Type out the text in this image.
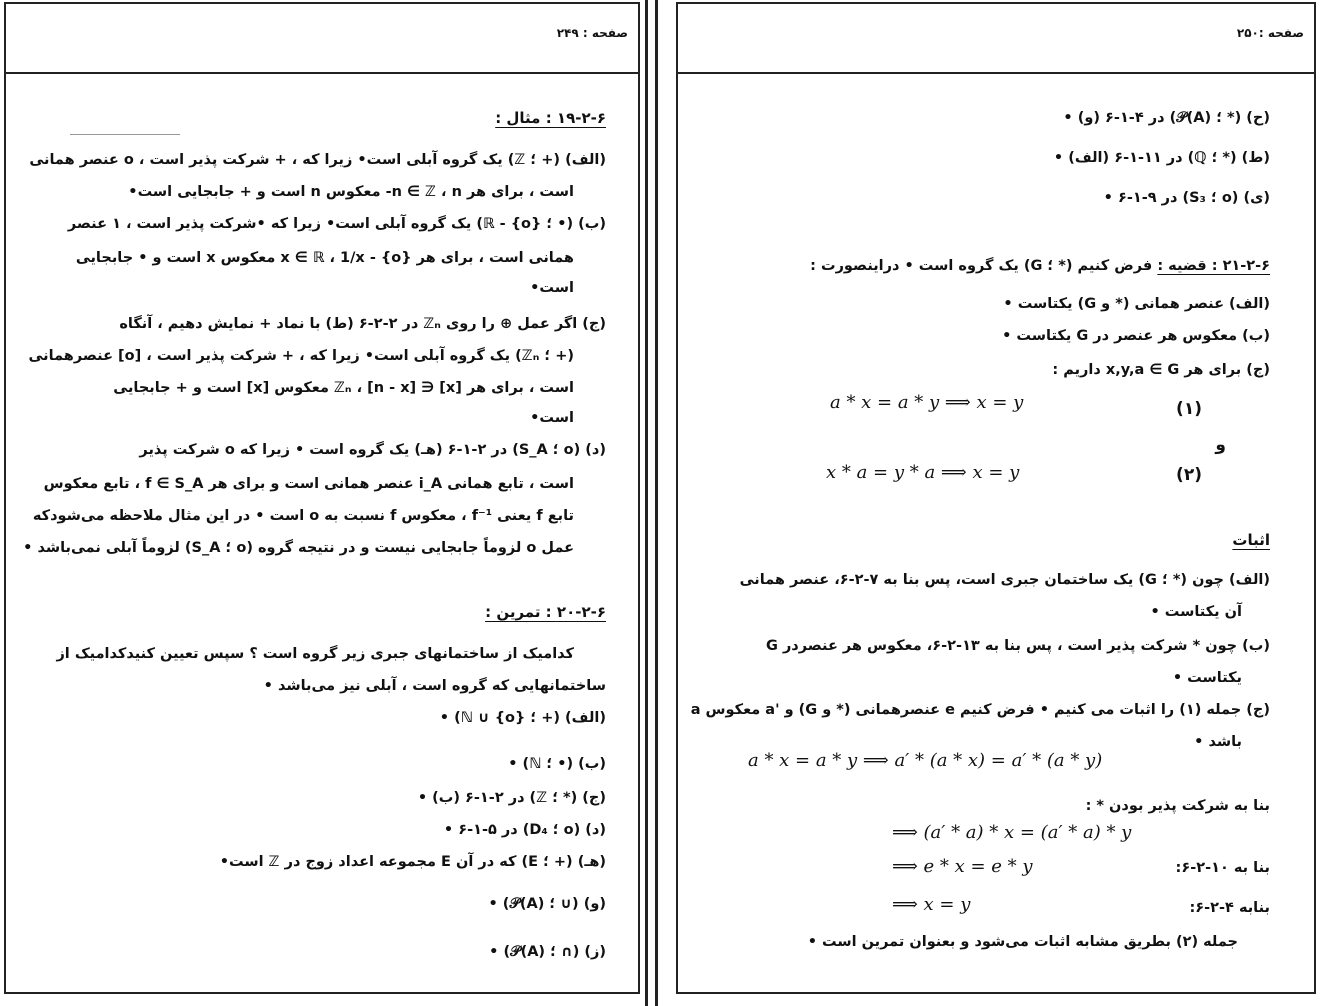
صفحه : ۲۴۹
۱۹-۲-۶ : مثال :
(الف) (+ ؛ ℤ) یک گروه آبلی است• زیرا که ، + شرکت پذیر است ، o عنصر همانی
است ، برای هر n ∈ ℤ ، n- معکوس n است و + جابجایی است•
(ب) (• ؛ {o} - ℝ) یک گروه آبلی است• زیرا که •شرکت پذیر است ، ۱ عنصر
همانی است ، برای هر {o} - x ∈ ℝ ، 1/x معکوس x است و • جابجایی
است•
(ج) اگر عمل ⊕ را روی ℤₙ در ۲-۲-۶ (ط) با نماد + نمایش دهیم ، آنگاه
(+ ؛ ℤₙ) یک گروه آبلی است• زیرا که ، + شرکت پذیر است ، [o] عنصرهمانی
است ، برای هر [x] ∈ ℤₙ ، [n - x] معکوس [x] است و + جابجایی
است•
(د) (o ؛ S_A) در ۲-۱-۶ (هـ) یک گروه است • زیرا که o شرکت پذیر
است ، تابع همانی i_A عنصر همانی است و برای هر f ∈ S_A ، تابع معکوس
تابع f یعنی f⁻¹ ، معکوس f نسبت به o است • در این مثال ملاحظه می‌شودکه
عمل o لزوماً جابجایی نیست و در نتیجه گروه (o ؛ S_A) لزوماً آبلی نمی‌باشد •
۲۰-۲-۶ : تمرین :
کدامیک از ساختمانهای جبری زیر گروه است ؟ سپس تعیین کنیدکدامیک از
ساختمانهایی که گروه است ، آبلی نیز می‌باشد •
(الف) (+ ؛ {o} ∪ ℕ) •
(ب) (• ؛ ℕ) •
(ج) (* ؛ ℤ) در ۲-۱-۶ (ب) •
(د) (o ؛ D₄) در ۵-۱-۶ •
(هـ) (+ ؛ E) که در آن E مجموعه اعداد زوج در ℤ است•
(و) (∪ ؛ 𝒫(A)) •
(ز) (∩ ؛ 𝒫(A)) •
صفحه :۲۵۰
(ح) (* ؛ 𝒫(A)) در ۴-۱-۶ (و) •
(ط) (* ؛ ℚ) در ۱۱-۱-۶ (الف) •
(ی) (o ؛ S₃) در ۹-۱-۶ •
۲۱-۲-۶ : قضیه : فرض کنیم (* ؛ G) یک گروه است • دراینصورت :
(الف) عنصر همانی (* و G) یکتاست •
(ب) معکوس هر عنصر در G یکتاست •
(ج) برای هر x,y,a ∈ G داریم :
a * x = a * y ⟹ x = y	(۱)
و
x * a = y * a ⟹ x = y	(۲)
اثبات
(الف) چون (* ؛ G) یک ساختمان جبری است، پس بنا به ۷-۲-۶، عنصر همانی
آن یکتاست •
(ب) چون * شرکت پذیر است ، پس بنا به ۱۳-۲-۶، معکوس هر عنصردر G
یکتاست •
(ج) جمله (۱) را اثبات می کنیم • فرض کنیم e عنصرهمانی (* و G) و 'a معکوس a
باشد •
a * x = a * y ⟹ a′ * (a * x) = a′ * (a * y)
بنا به شرکت پذیر بودن * :
⟹ (a′ * a) * x = (a′ * a) * y
⟹ e * x = e * y	بنا به ۱۰-۲-۶:
⟹ x = y	بنابه ۴-۲-۶:
جمله (۲) بطریق مشابه اثبات می‌شود و بعنوان تمرین است •
